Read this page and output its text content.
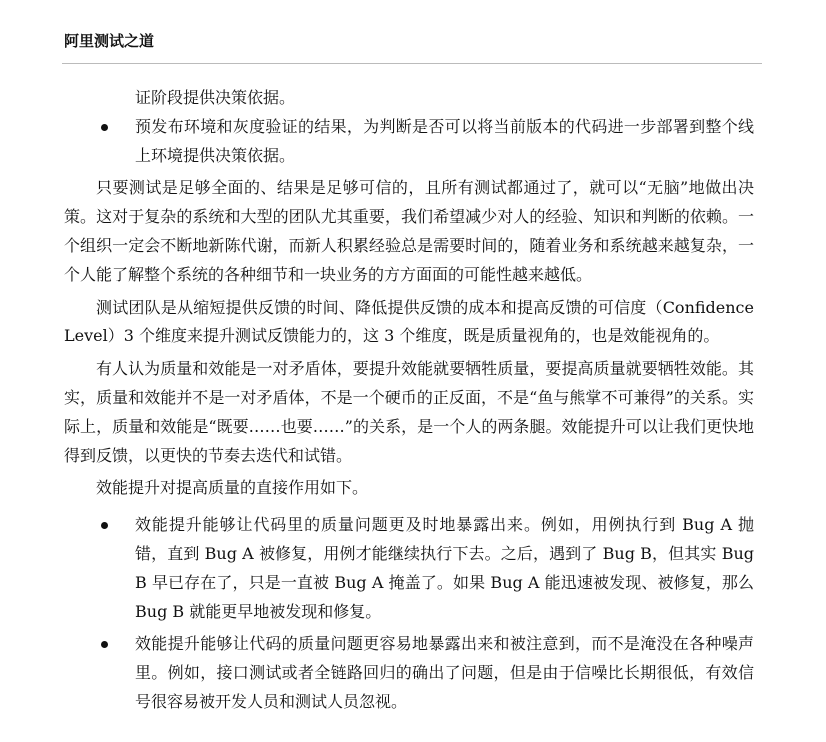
阿里测试之道

证阶段提供决策依据。

预发布环境和灰度验证的结果，为判断是否可以将当前版本的代码进一步部署到整个线上环境提供决策依据。

只要测试是足够全面的、结果是足够可信的，且所有测试都通过了，就可以“无脑”地做出决策。这对于复杂的系统和大型的团队尤其重要，我们希望减少对人的经验、知识和判断的依赖。一个组织一定会不断地新陈代谢，而新人积累经验总是需要时间的，随着业务和系统越来越复杂，一个人能了解整个系统的各种细节和一块业务的方方面面的可能性越来越低。

测试团队是从缩短提供反馈的时间、降低提供反馈的成本和提高反馈的可信度（Confidence Level）3 个维度来提升测试反馈能力的，这 3 个维度，既是质量视角的，也是效能视角的。

有人认为质量和效能是一对矛盾体，要提升效能就要牺牲质量，要提高质量就要牺牲效能。其实，质量和效能并不是一对矛盾体，不是一个硬币的正反面，不是“鱼与熊掌不可兼得”的关系。实际上，质量和效能是“既要……也要……”的关系，是一个人的两条腿。效能提升可以让我们更快地得到反馈，以更快的节奏去迭代和试错。

效能提升对提高质量的直接作用如下。

效能提升能够让代码里的质量问题更及时地暴露出来。例如，用例执行到 Bug A 抛错，直到 Bug A 被修复，用例才能继续执行下去。之后，遇到了 Bug B，但其实 Bug B 早已存在了，只是一直被 Bug A 掩盖了。如果 Bug A 能迅速被发现、被修复，那么 Bug B 就能更早地被发现和修复。
效能提升能够让代码的质量问题更容易地暴露出来和被注意到，而不是淹没在各种噪声里。例如，接口测试或者全链路回归的确出了问题，但是由于信噪比长期很低，有效信号很容易被开发人员和测试人员忽视。
